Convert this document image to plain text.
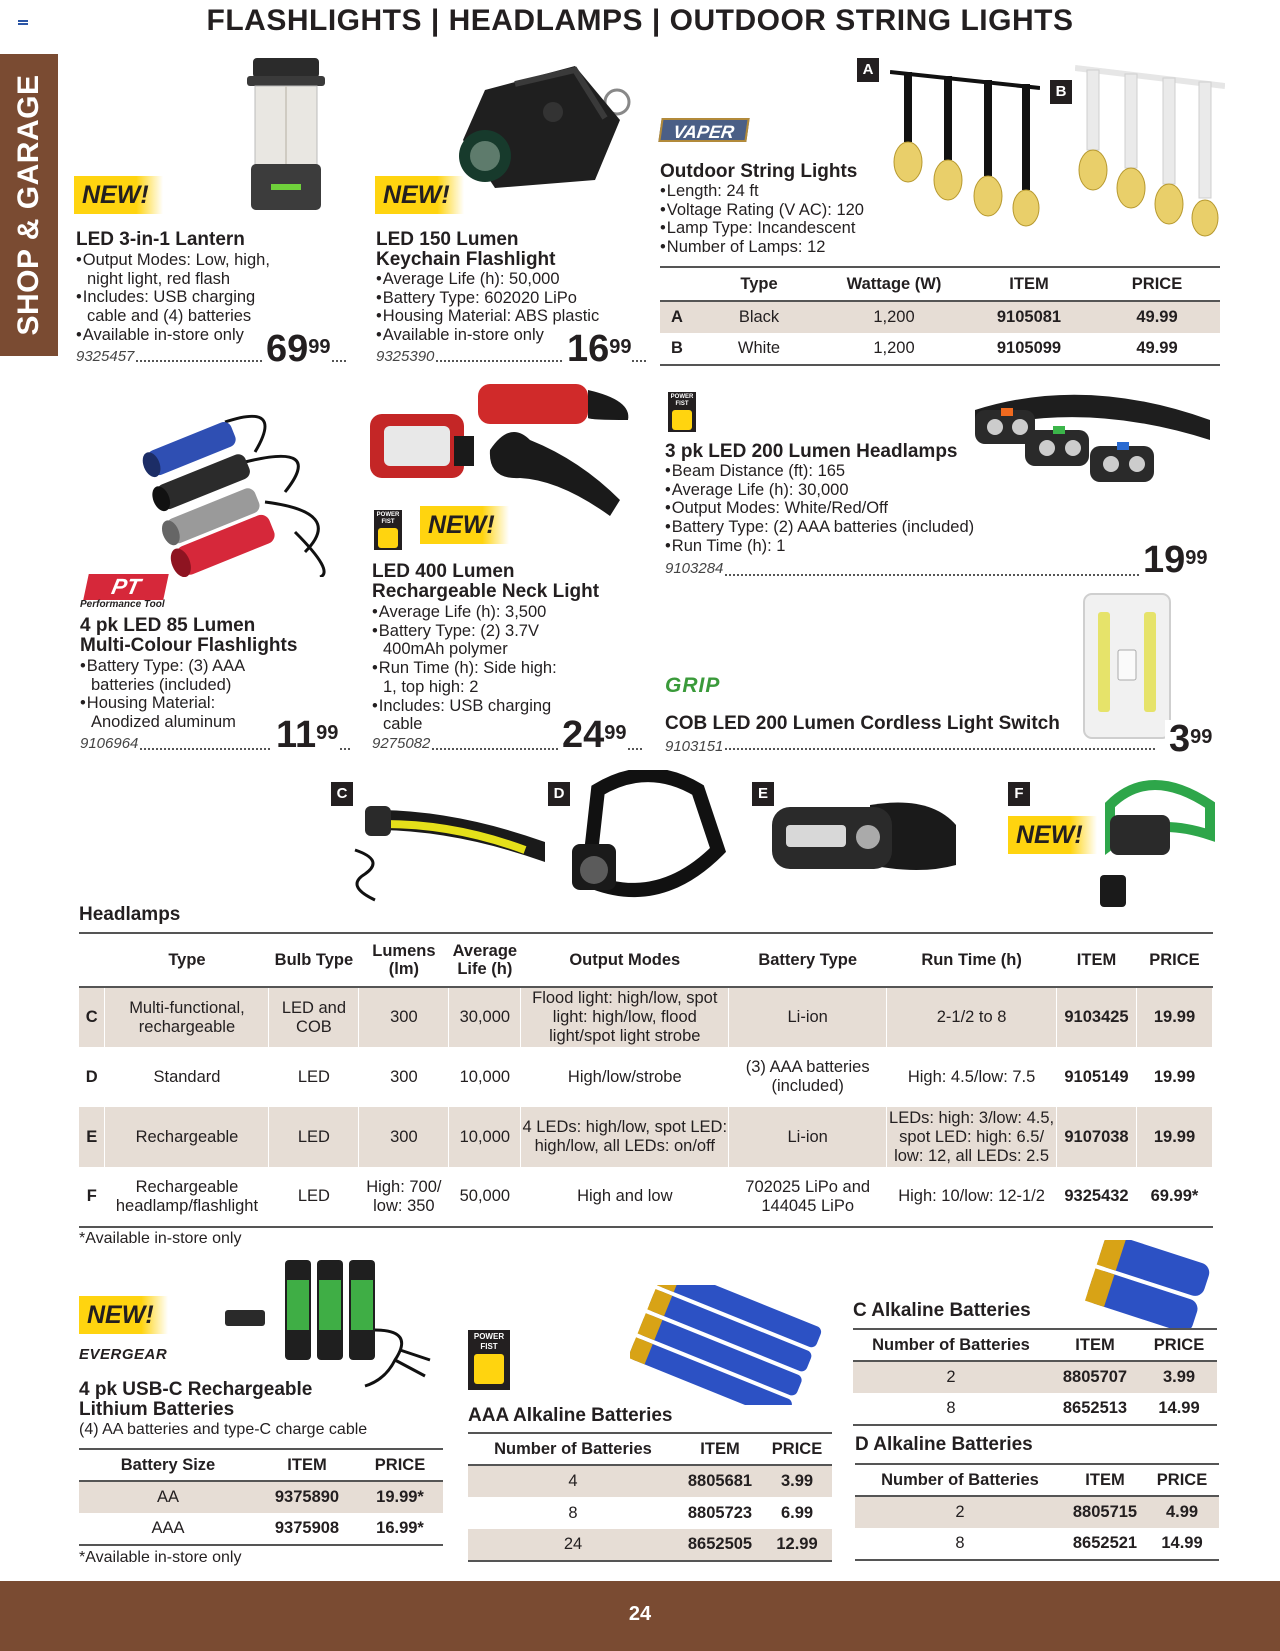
FLASHLIGHTS | HEADLAMPS | OUTDOOR STRING LIGHTS
SHOP & GARAGE	NEW!
LED 3-in-1 Lantern
• Output Modes: Low, high, night light, red flash
• Includes: USB charging cable and (4) batteries
• Available in-store only
9325457	$69^{99}$
NEW!
LED 150 Lumen
Keychain Flashlight
• Average Life (h): 50,000
• Battery Type: 602020 LiPo
• Housing Material: ABS plastic
• Available in-store only
9325390	$16^{99}$
VAPER
A
B
Outdoor String Lights
• Length: 24 ft
• Voltage Rating (V AC): 120
• Lamp Type: Incandescent
• Number of Lamps: 12
	Type	Wattage (W)	ITEM	PRICE
A	Black	1,200	9105081	49.99
B	White	1,200	9105099	49.99
POWER
FIST
3 pk LED 200 Lumen Headlamps
• Beam Distance (ft): 165
• Average Life (h): 30,000
• Output Modes: White/Red/Off
• Battery Type: (2) AAA batteries (included)
• Run Time (h): 1
9103284	$19^{99}$
PT
Performance Tool
4 pk LED 85 Lumen
Multi-Colour Flashlights
• Battery Type: (3) AAA batteries (included)
• Housing Material: Anodized aluminum
9106964	$11^{99}$
POWER
FIST	NEW!
LED 400 Lumen
Rechargeable Neck Light
• Average Life (h): 3,500
• Battery Type: (2) 3.7V 400mAh polymer
• Run Time (h): Side high: 1, top high: 2
• Includes: USB charging cable
9275082	$24^{99}$
GRIP
COB LED 200 Lumen Cordless Light Switch
9103151	$3^{99}$
C	D	E	F
NEW!
Headlamps
	Type	Bulb Type	Lumens (lm)	Average Life (h)	Output Modes	Battery Type	Run Time (h)	ITEM	PRICE
C	Multi-functional, rechargeable	LED and COB	300	30,000	Flood light: high/low, spot light: high/low, flood light/spot light strobe	Li-ion	2-1/2 to 8	9103425	19.99
D	Standard	LED	300	10,000	High/low/strobe	(3) AAA batteries (included)	High: 4.5/low: 7.5	9105149	19.99
E	Rechargeable	LED	300	10,000	4 LEDs: high/low, spot LED: high/low, all LEDs: on/off	Li-ion	LEDs: high: 3/low: 4.5, spot LED: high: 6.5/ low: 12, all LEDs: 2.5	9107038	19.99
F	Rechargeable headlamp/flashlight	LED	High: 700/ low: 350	50,000	High and low	702025 LiPo and 144045 LiPo	High: 10/low: 12-1/2	9325432	69.99*
*Available in-store only
NEW!
EVERGEAR
4 pk USB-C Rechargeable
Lithium Batteries
(4) AA batteries and type-C charge cable
Battery Size	ITEM	PRICE
AA	9375890	19.99*
AAA	9375908	16.99*
*Available in-store only
POWER
FIST
AAA Alkaline Batteries
Number of Batteries	ITEM	PRICE
4	8805681	3.99
8	8805723	6.99
24	8652505	12.99
C Alkaline Batteries
Number of Batteries	ITEM	PRICE
2	8805707	3.99
8	8652513	14.99
D Alkaline Batteries
Number of Batteries	ITEM	PRICE
2	8805715	4.99
8	8652521	14.99
24
